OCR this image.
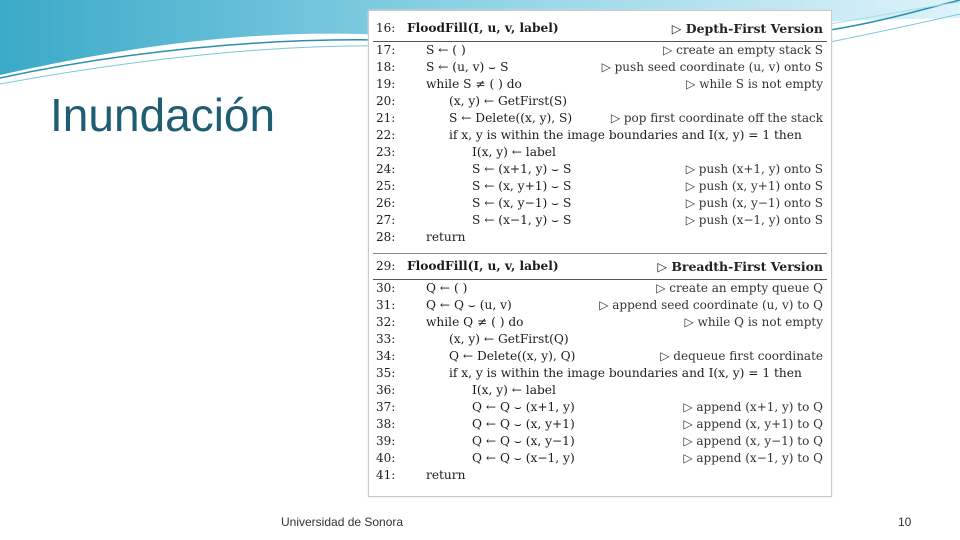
Inundación
16: FloodFill(I, u, v, label)	▷ Depth-First Version
17:	S ← ( )	▷ create an empty stack S
18:	S ← (u, v) ⌣ S	▷ push seed coordinate (u, v) onto S
19:	while S ≠ ( ) do	▷ while S is not empty
20:	(x, y) ← GetFirst(S)
21:	S ← Delete((x, y), S)	▷ pop first coordinate off the stack
22:	if x, y is within the image boundaries and I(x, y) = 1 then
23:	I(x, y) ← label
24:	S ← (x+1, y) ⌣ S	▷ push (x+1, y) onto S
25:	S ← (x, y+1) ⌣ S	▷ push (x, y+1) onto S
26:	S ← (x, y−1) ⌣ S	▷ push (x, y−1) onto S
27:	S ← (x−1, y) ⌣ S	▷ push (x−1, y) onto S
28:	return
29: FloodFill(I, u, v, label)	▷ Breadth-First Version
30:	Q ← ( )	▷ create an empty queue Q
31:	Q ← Q ⌣ (u, v)	▷ append seed coordinate (u, v) to Q
32:	while Q ≠ ( ) do	▷ while Q is not empty
33:	(x, y) ← GetFirst(Q)
34:	Q ← Delete((x, y), Q)	▷ dequeue first coordinate
35:	if x, y is within the image boundaries and I(x, y) = 1 then
36:	I(x, y) ← label
37:	Q ← Q ⌣ (x+1, y)	▷ append (x+1, y) to Q
38:	Q ← Q ⌣ (x, y+1)	▷ append (x, y+1) to Q
39:	Q ← Q ⌣ (x, y−1)	▷ append (x, y−1) to Q
40:	Q ← Q ⌣ (x−1, y)	▷ append (x−1, y) to Q
41:	return
Universidad de Sonora	10
